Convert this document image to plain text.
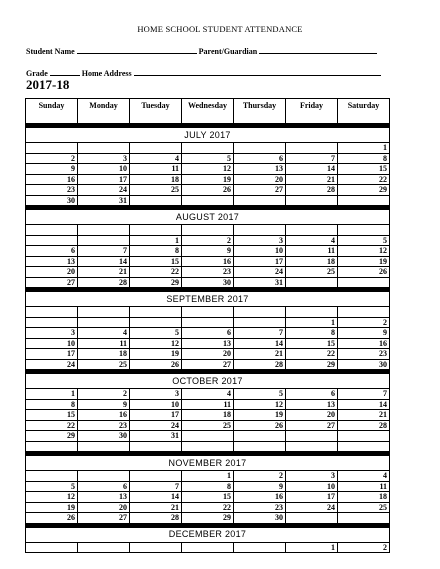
HOME SCHOOL STUDENT ATTENDANCE
Student Name	Parent/Guardian
Grade	Home Address
2017-18
Sunday	Monday	Tuesday	Wednesday	Thursday	Friday	Saturday

JULY 2017						
						1
2	3	4	5	6	7	8
9	10	11	12	13	14	15
16	17	18	19	20	21	22
23	24	25	26	27	28	29
30	31					

AUGUST 2017						

		1	2	3	4	5
6	7	8	9	10	11	12
13	14	15	16	17	18	19
20	21	22	23	24	25	26
27	28	29	30	31		

SEPTEMBER 2017						

					1	2
3	4	5	6	7	8	9
10	11	12	13	14	15	16
17	18	19	20	21	22	23
24	25	26	27	28	29	30

OCTOBER 2017						
1	2	3	4	5	6	7
8	9	10	11	12	13	14
15	16	17	18	19	20	21
22	23	24	25	26	27	28
29	30	31				

NOVEMBER 2017						
			1	2	3	4
5	6	7	8	9	10	11
12	13	14	15	16	17	18
19	20	21	22	23	24	25
26	27	28	29	30		

DECEMBER 2017						
					1	2
